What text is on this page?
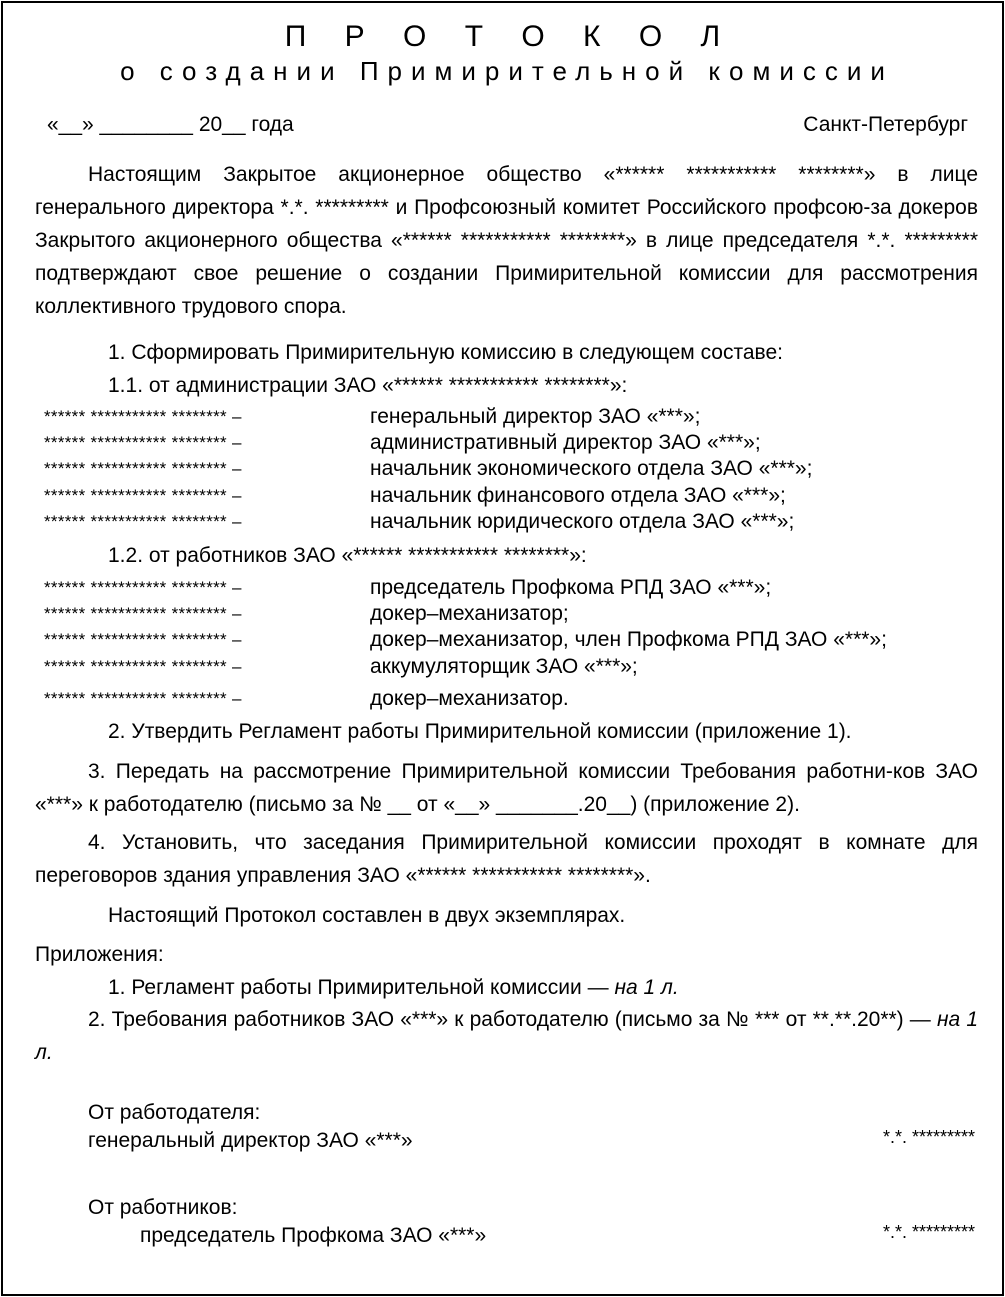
П Р О Т О К О Л
о создании Примирительной комиссии
«__» ________ 20__ года	Санкт-Петербург

Настоящим Закрытое акционерное общество «****** *********** ********» в лице генерального директора *.*. ********* и Профсоюзный комитет Российского профсою-за докеров Закрытого акционерного общества «****** *********** ********» в лице председателя *.*. ********* подтверждают свое решение о создании Примирительной комиссии для рассмотрения коллективного трудового спора.

1. Сформировать Примирительную комиссию в следующем составе:
1.1. от администрации ЗАО «****** *********** ********»:
****** *********** ******** –	генеральный директор ЗАО «***»;
****** *********** ******** –	административный директор ЗАО «***»;
****** *********** ******** –	начальник экономического отдела ЗАО «***»;
****** *********** ******** –	начальник финансового отдела ЗАО «***»;
****** *********** ******** –	начальник юридического отдела ЗАО «***»;
1.2. от работников ЗАО «****** *********** ********»:
****** *********** ******** –	председатель Профкома РПД ЗАО «***»;
****** *********** ******** –	докер–механизатор;
****** *********** ******** –	докер–механизатор, член Профкома РПД ЗАО «***»;
****** *********** ******** –	аккумуляторщик ЗАО «***»;
****** *********** ******** –	докер–механизатор.
2. Утвердить Регламент работы Примирительной комиссии (приложение 1).

3. Передать на рассмотрение Примирительной комиссии Требования работни-ков ЗАО «***» к работодателю (письмо за № __ от «__» _______.20__) (приложение 2).

4. Установить, что заседания Примирительной комиссии проходят в комнате для переговоров здания управления ЗАО «****** *********** ********».

Настоящий Протокол составлен в двух экземплярах.
Приложения:
1. Регламент работы Примирительной комиссии — на 1 л.

2. Требования работников ЗАО «***» к работодателю (письмо за № *** от **.**.20**) — на 1 л.

От работодателя:
генеральный директор ЗАО «***»	*.*. *********
От работников:
председатель Профкома ЗАО «***»	*.*. *********
